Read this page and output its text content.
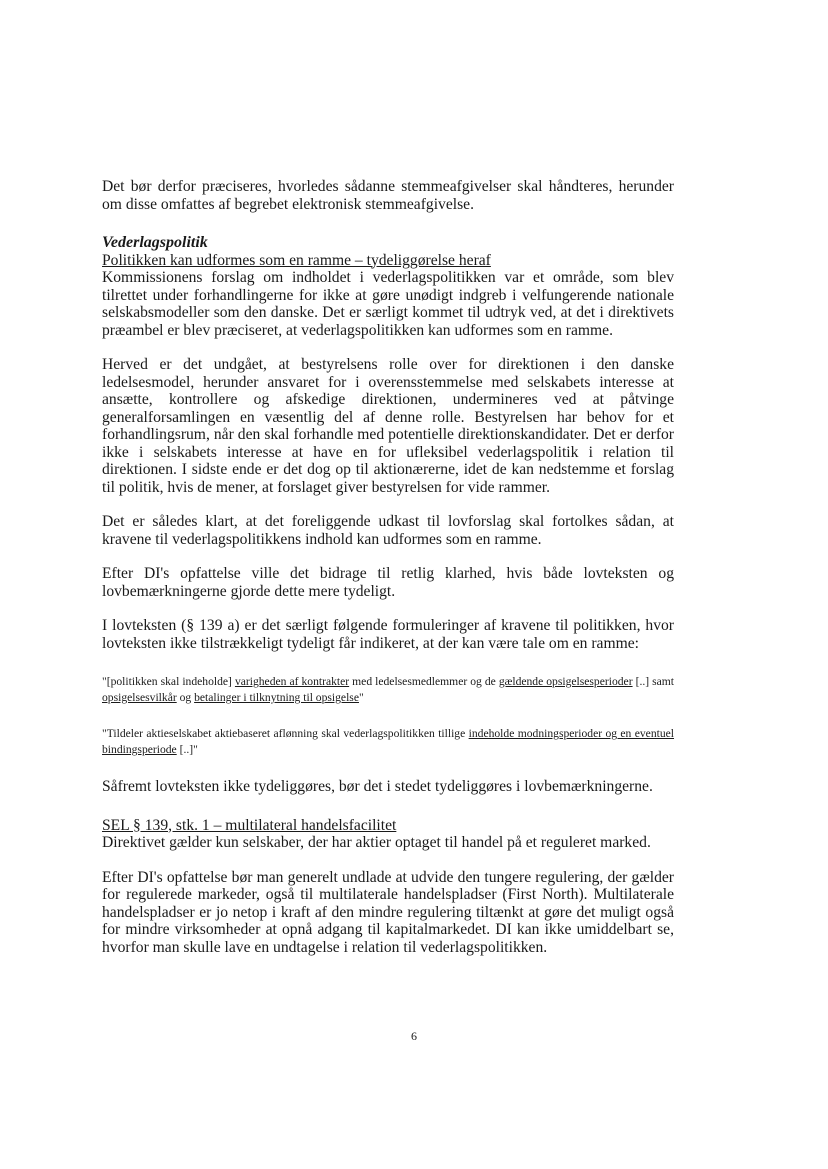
Det bør derfor præciseres, hvorledes sådanne stemmeafgivelser skal håndteres, herunder om disse omfattes af begrebet elektronisk stemmeafgivelse.

Vederlagspolitik
Politikken kan udformes som en ramme – tydeliggørelse heraf

Kommissionens forslag om indholdet i vederlagspolitikken var et område, som blev tilrettet under forhandlingerne for ikke at gøre unødigt indgreb i velfungerende nationale selskabsmodeller som den danske. Det er særligt kommet til udtryk ved, at det i direktivets præambel er blev præciseret, at vederlagspolitikken kan udformes som en ramme.

Herved er det undgået, at bestyrelsens rolle over for direktionen i den danske ledelsesmodel, herunder ansvaret for i overensstemmelse med selskabets interesse at ansætte, kontrollere og afskedige direktionen, undermineres ved at påtvinge generalforsamlingen en væsentlig del af denne rolle. Bestyrelsen har behov for et forhandlingsrum, når den skal forhandle med potentielle direktionskandidater. Det er derfor ikke i selskabets interesse at have en for ufleksibel vederlagspolitik i relation til direktionen. I sidste ende er det dog op til aktionærerne, idet de kan nedstemme et forslag til politik, hvis de mener, at forslaget giver bestyrelsen for vide rammer.

Det er således klart, at det foreliggende udkast til lovforslag skal fortolkes sådan, at kravene til vederlagspolitikkens indhold kan udformes som en ramme.

Efter DI's opfattelse ville det bidrage til retlig klarhed, hvis både lovteksten og lovbemærkningerne gjorde dette mere tydeligt.

I lovteksten (§ 139 a) er det særligt følgende formuleringer af kravene til politikken, hvor lovteksten ikke tilstrækkeligt tydeligt får indikeret, at der kan være tale om en ramme:

"[politikken skal indeholde] varigheden af kontrakter med ledelsesmedlemmer og de gældende opsigelsesperioder [..] samt opsigelsesvilkår og betalinger i tilknytning til opsigelse"

"Tildeler aktieselskabet aktiebaseret aflønning skal vederlagspolitikken tillige indeholde modningsperioder og en eventuel bindingsperiode [..]"

Såfremt lovteksten ikke tydeliggøres, bør det i stedet tydeliggøres i lovbemærkningerne.

SEL § 139, stk. 1 – multilateral handelsfacilitet

Direktivet gælder kun selskaber, der har aktier optaget til handel på et reguleret marked.

Efter DI's opfattelse bør man generelt undlade at udvide den tungere regulering, der gælder for regulerede markeder, også til multilaterale handelspladser (First North). Multilaterale handelspladser er jo netop i kraft af den mindre regulering tiltænkt at gøre det muligt også for mindre virksomheder at opnå adgang til kapitalmarkedet. DI kan ikke umiddelbart se, hvorfor man skulle lave en undtagelse i relation til vederlagspolitikken.

6
